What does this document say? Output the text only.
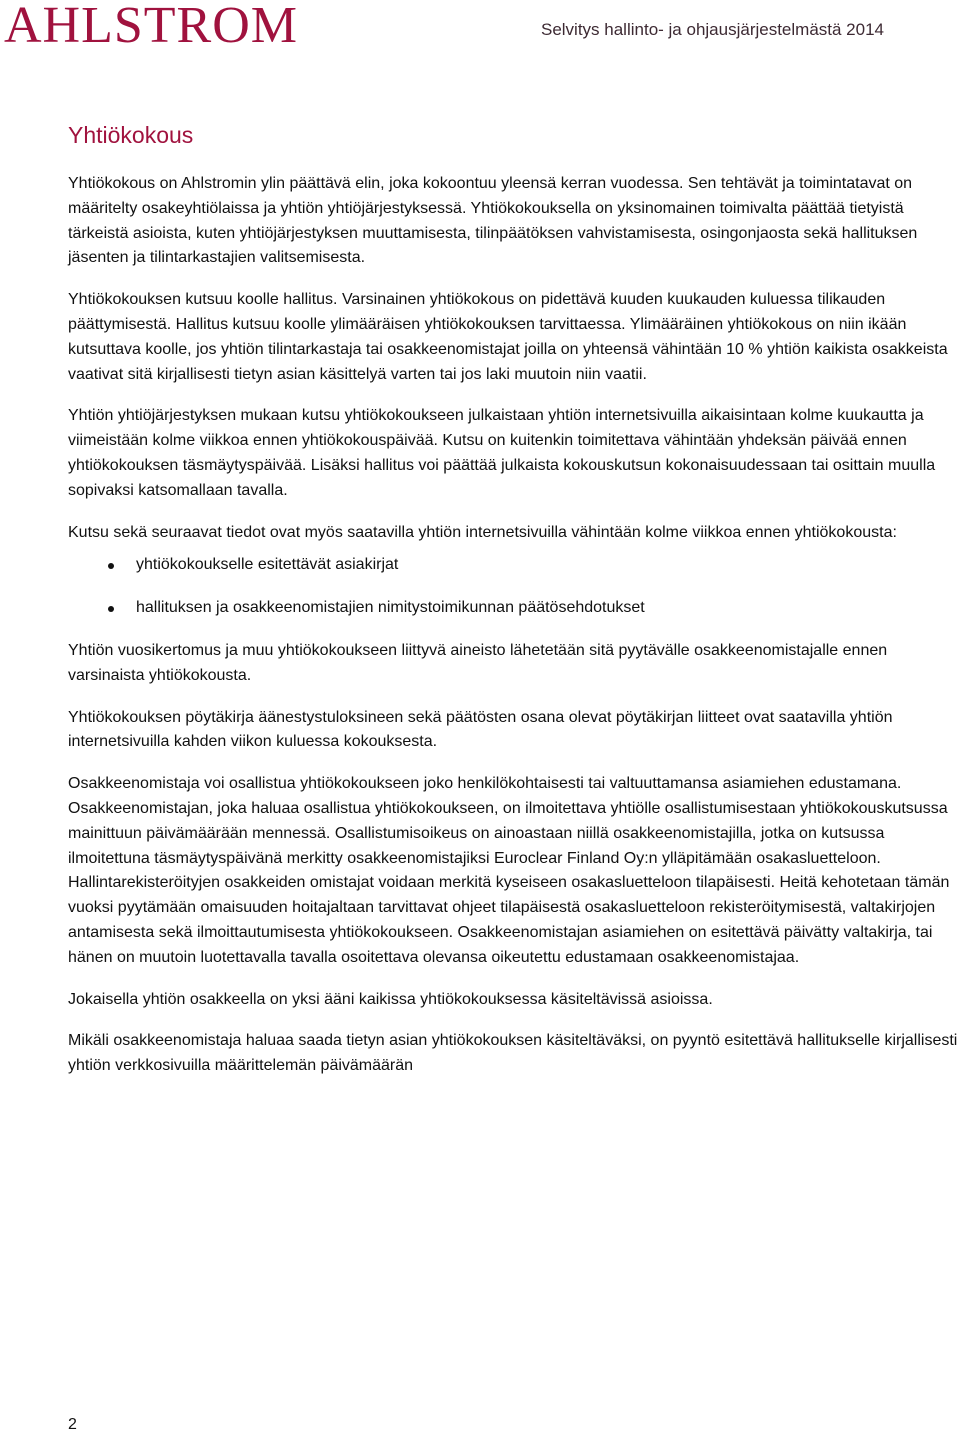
AHLSTROM	Selvitys hallinto- ja ohjausjärjestelmästä 2014
Yhtiökokous

Yhtiökokous on Ahlstromin ylin päättävä elin, joka kokoontuu yleensä kerran vuodessa. Sen tehtävät ja toimintatavat on määritelty osakeyhtiölaissa ja yhtiön yhtiöjärjestyksessä. Yhtiökokouksella on yksinomainen toimivalta päättää tietyistä tärkeistä asioista, kuten yhtiöjärjestyksen muuttamisesta, tilinpäätöksen vahvistamisesta, osingonjaosta sekä hallituksen jäsenten ja tilintarkastajien valitsemisesta.

Yhtiökokouksen kutsuu koolle hallitus. Varsinainen yhtiökokous on pidettävä kuuden kuukauden kuluessa tilikauden päättymisestä. Hallitus kutsuu koolle ylimääräisen yhtiökokouksen tarvittaessa. Ylimääräinen yhtiökokous on niin ikään kutsuttava koolle, jos yhtiön tilintarkastaja tai osakkeenomistajat joilla on yhteensä vähintään 10 % yhtiön kaikista osakkeista vaativat sitä kirjallisesti tietyn asian käsittelyä varten tai jos laki muutoin niin vaatii.

Yhtiön yhtiöjärjestyksen mukaan kutsu yhtiökokoukseen julkaistaan yhtiön internetsivuilla aikaisintaan kolme kuukautta ja viimeistään kolme viikkoa ennen yhtiökokouspäivää. Kutsu on kuitenkin toimitettava vähintään yhdeksän päivää ennen yhtiökokouksen täsmäytyspäivää. Lisäksi hallitus voi päättää julkaista kokouskutsun kokonaisuudessaan tai osittain muulla sopivaksi katsomallaan tavalla.

Kutsu sekä seuraavat tiedot ovat myös saatavilla yhtiön internetsivuilla vähintään kolme viikkoa ennen yhtiökokousta:

yhtiökokoukselle esitettävät asiakirjat
hallituksen ja osakkeenomistajien nimitystoimikunnan päätösehdotukset

Yhtiön vuosikertomus ja muu yhtiökokoukseen liittyvä aineisto lähetetään sitä pyytävälle osakkeenomistajalle ennen varsinaista yhtiökokousta.

Yhtiökokouksen pöytäkirja äänestystuloksineen sekä päätösten osana olevat pöytäkirjan liitteet ovat saatavilla yhtiön internetsivuilla kahden viikon kuluessa kokouksesta.

Osakkeenomistaja voi osallistua yhtiökokoukseen joko henkilökohtaisesti tai valtuuttamansa asiamiehen edustamana. Osakkeenomistajan, joka haluaa osallistua yhtiökokoukseen, on ilmoitettava yhtiölle osallistumisestaan yhtiökokouskutsussa mainittuun päivämäärään mennessä. Osallistumisoikeus on ainoastaan niillä osakkeenomistajilla, jotka on kutsussa ilmoitettuna täsmäytyspäivänä merkitty osakkeenomistajiksi Euroclear Finland Oy:n ylläpitämään osakasluetteloon. Hallintarekisteröityjen osakkeiden omistajat voidaan merkitä kyseiseen osakasluetteloon tilapäisesti. Heitä kehotetaan tämän vuoksi pyytämään omaisuuden hoitajaltaan tarvittavat ohjeet tilapäisestä osakasluetteloon rekisteröitymisestä, valtakirjojen antamisesta sekä ilmoittautumisesta yhtiökokoukseen. Osakkeenomistajan asiamiehen on esitettävä päivätty valtakirja, tai hänen on muutoin luotettavalla tavalla osoitettava olevansa oikeutettu edustamaan osakkeenomistajaa.

Jokaisella yhtiön osakkeella on yksi ääni kaikissa yhtiökokouksessa käsiteltävissä asioissa.

Mikäli osakkeenomistaja haluaa saada tietyn asian yhtiökokouksen käsiteltäväksi, on pyyntö esitettävä hallitukselle kirjallisesti yhtiön verkkosivuilla määrittelemän päivämäärän

2
